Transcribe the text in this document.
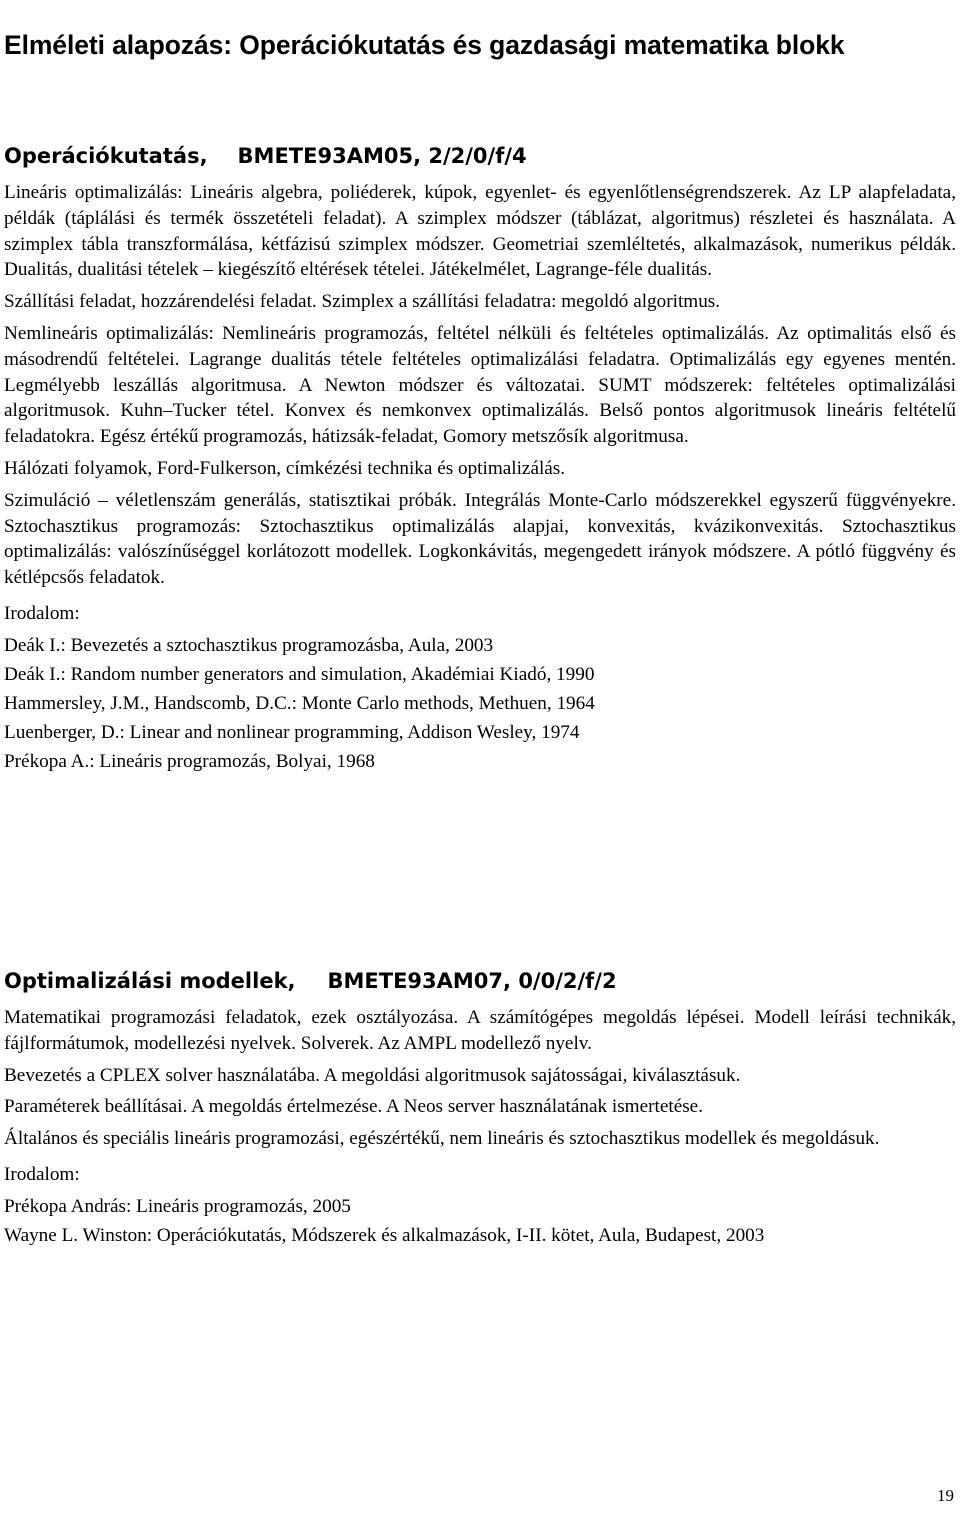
Elméleti alapozás: Operációkutatás és gazdasági matematika blokk
Operációkutatás, BMETE93AM05, 2/2/0/f/4

Lineáris optimalizálás: Lineáris algebra, poliéderek, kúpok, egyenlet- és egyenlőtlenségrendszerek. Az LP alapfeladata, példák (táplálási és termék összetételi feladat). A szimplex módszer (táblázat, algoritmus) részletei és használata. A szimplex tábla transzformálása, kétfázisú szimplex módszer. Geometriai szemléltetés, alkalmazások, numerikus példák. Dualitás, dualitási tételek – kiegészítő eltérések tételei. Játékelmélet, Lagrange-féle dualitás.

Szállítási feladat, hozzárendelési feladat. Szimplex a szállítási feladatra: megoldó algoritmus.

Nemlineáris optimalizálás: Nemlineáris programozás, feltétel nélküli és feltételes optimalizálás. Az optimalitás első és másodrendű feltételei. Lagrange dualitás tétele feltételes optimalizálási feladatra. Optimalizálás egy egyenes mentén. Legmélyebb leszállás algoritmusa. A Newton módszer és változatai. SUMT módszerek: feltételes optimalizálási algoritmusok. Kuhn–Tucker tétel. Konvex és nemkonvex optimalizálás. Belső pontos algoritmusok lineáris feltételű feladatokra. Egész értékű programozás, hátizsák-feladat, Gomory metszősík algoritmusa.

Hálózati folyamok, Ford-Fulkerson, címkézési technika és optimalizálás.

Szimuláció – véletlenszám generálás, statisztikai próbák. Integrálás Monte-Carlo módszerekkel egyszerű függvényekre. Sztochasztikus programozás: Sztochasztikus optimalizálás alapjai, konvexitás, kvázikonvexitás. Sztochasztikus optimalizálás: valószínűséggel korlátozott modellek. Logkonkávitás, megengedett irányok módszere. A pótló függvény és kétlépcsős feladatok.

Irodalom:

Deák I.: Bevezetés a sztochasztikus programozásba, Aula, 2003

Deák I.: Random number generators and simulation, Akadémiai Kiadó, 1990

Hammersley, J.M., Handscomb, D.C.: Monte Carlo methods, Methuen, 1964

Luenberger, D.: Linear and nonlinear programming, Addison Wesley, 1974

Prékopa A.: Lineáris programozás, Bolyai, 1968

Optimalizálási modellek, BMETE93AM07, 0/0/2/f/2

Matematikai programozási feladatok, ezek osztályozása. A számítógépes megoldás lépései. Modell leírási technikák, fájlformátumok, modellezési nyelvek. Solverek. Az AMPL modellező nyelv.

Bevezetés a CPLEX solver használatába. A megoldási algoritmusok sajátosságai, kiválasztásuk.

Paraméterek beállításai. A megoldás értelmezése. A Neos server használatának ismertetése.

Általános és speciális lineáris programozási, egészértékű, nem lineáris és sztochasztikus modellek és megoldásuk.

Irodalom:

Prékopa András: Lineáris programozás, 2005

Wayne L. Winston: Operációkutatás, Módszerek és alkalmazások, I-II. kötet, Aula, Budapest, 2003

19
